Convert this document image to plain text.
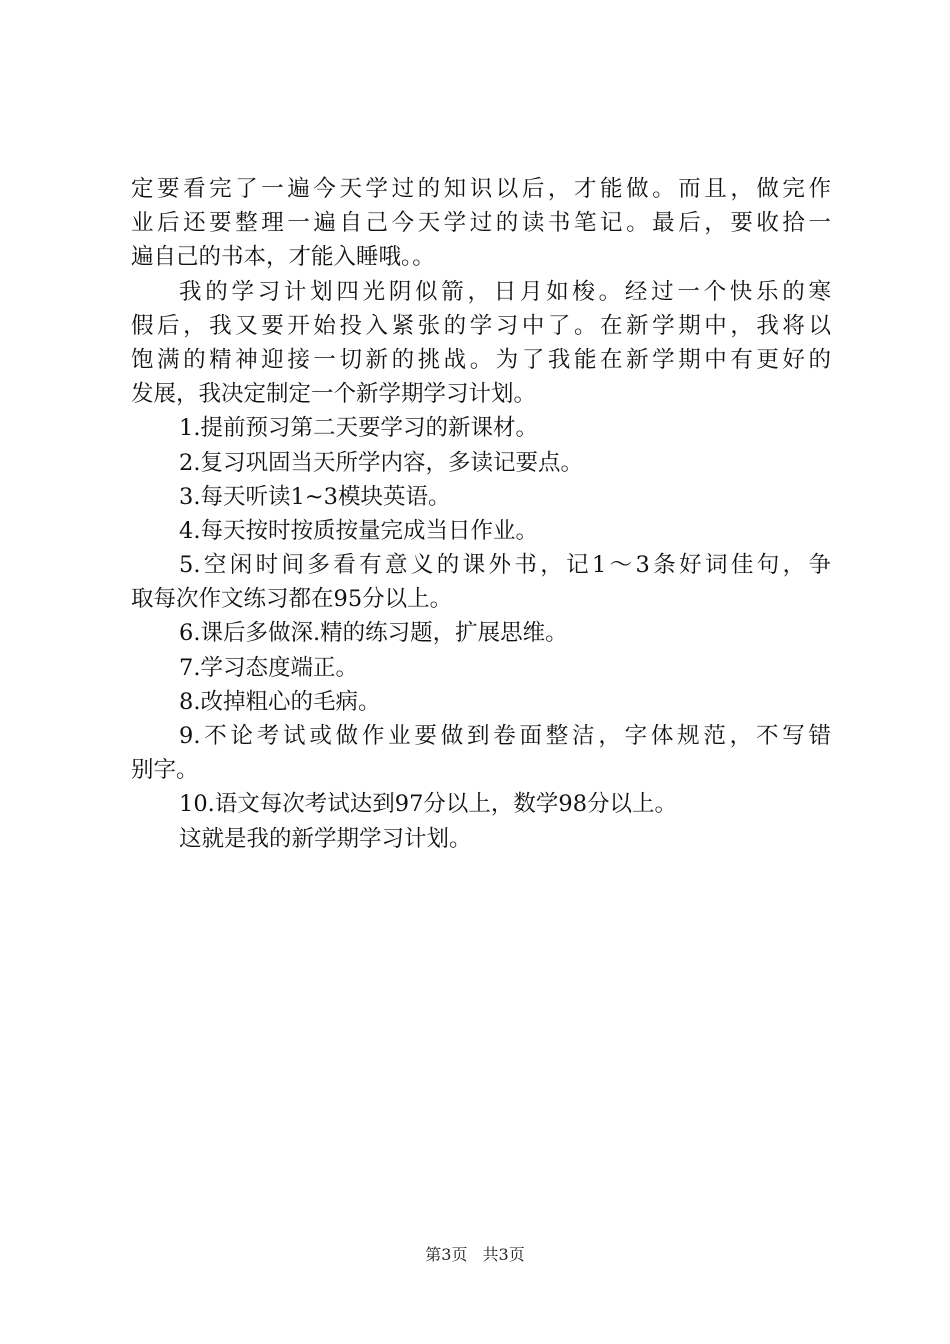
定要看完了一遍今天学过的知识以后，才能做。而且，做完作
业后还要整理一遍自己今天学过的读书笔记。最后，要收拾一
遍自己的书本，才能入睡哦。。
我的学习计划四光阴似箭，日月如梭。经过一个快乐的寒
假后，我又要开始投入紧张的学习中了。在新学期中，我将以
饱满的精神迎接一切新的挑战。为了我能在新学期中有更好的
发展，我决定制定一个新学期学习计划。
1.提前预习第二天要学习的新课材。
2.复习巩固当天所学内容，多读记要点。
3.每天听读1~3模块英语。
4.每天按时按质按量完成当日作业。
5.空闲时间多看有意义的课外书，记1～3条好词佳句，争
取每次作文练习都在95分以上。
6.课后多做深.精的练习题，扩展思维。
7.学习态度端正。
8.改掉粗心的毛病。
9.不论考试或做作业要做到卷面整洁，字体规范，不写错
别字。
10.语文每次考试达到97分以上，数学98分以上。
这就是我的新学期学习计划。
第3页 共3页
